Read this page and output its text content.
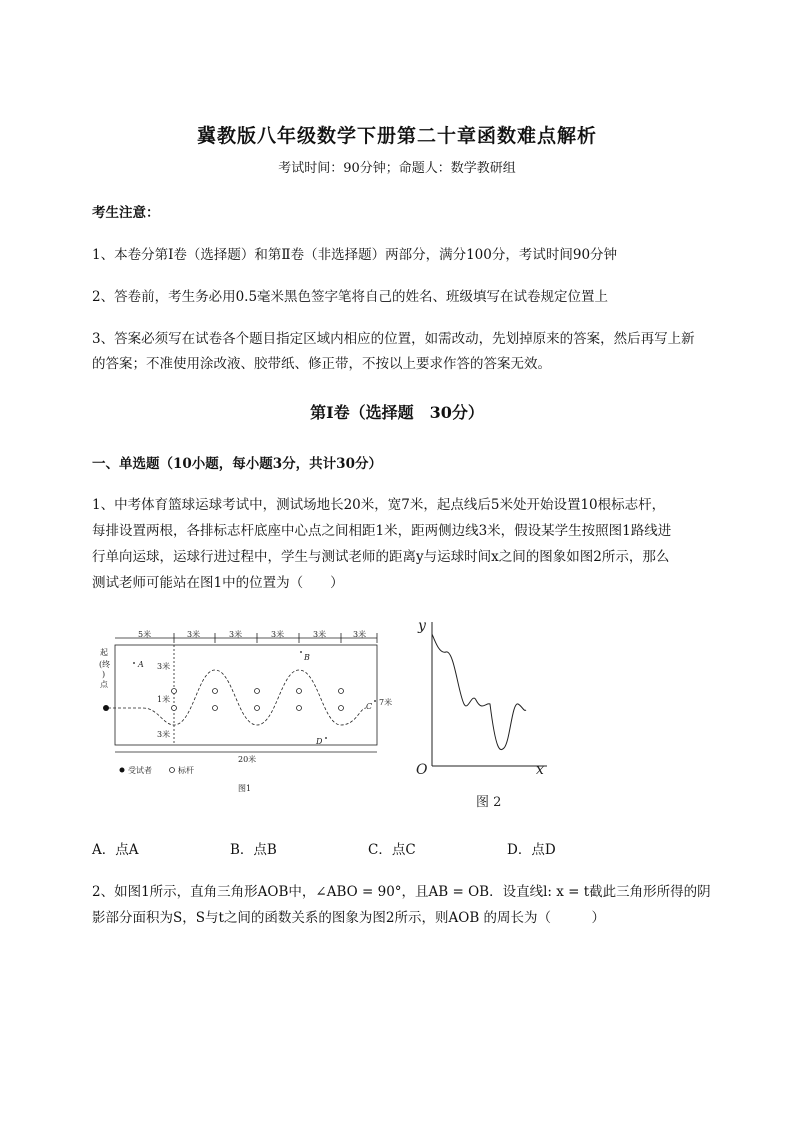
冀教版八年级数学下册第二十章函数难点解析
考试时间：90分钟；命题人：数学教研组
考生注意：
1、本卷分第I卷（选择题）和第Ⅱ卷（非选择题）两部分，满分100分，考试时间90分钟
2、答卷前，考生务必用0.5毫米黑色签字笔将自己的姓名、班级填写在试卷规定位置上
3、答案必须写在试卷各个题目指定区域内相应的位置，如需改动，先划掉原来的答案，然后再写上新
的答案；不准使用涂改液、胶带纸、修正带，不按以上要求作答的答案无效。
第I卷（选择题　30分）
一、单选题（10小题，每小题3分，共计30分）
1、中考体育篮球运球考试中，测试场地长20米，宽7米，起点线后5米处开始设置10根标志杆，
每排设置两根，各排标志杆底座中心点之间相距1米，距两侧边线3米，假设某学生按照图1路线进
行单向运球，运球行进过程中，学生与测试老师的距离y与运球时间x之间的图象如图2所示，那么
测试老师可能站在图1中的位置为（　　）
5米	3米	3米	3米	3米	3米
起
(终
)
点
3米
1米
3米
7米
20米
A
B
C
D
受试者	标杆
图1
y
x
O
图 2
A．点A	B．点B	C．点C	D．点D
2、如图1所示，直角三角形AOB中，∠ABO = 90°，且AB = OB．设直线l: x = t截此三角形所得的阴
影部分面积为S，S与t之间的函数关系的图象为图2所示，则AOB 的周长为（　　　）
